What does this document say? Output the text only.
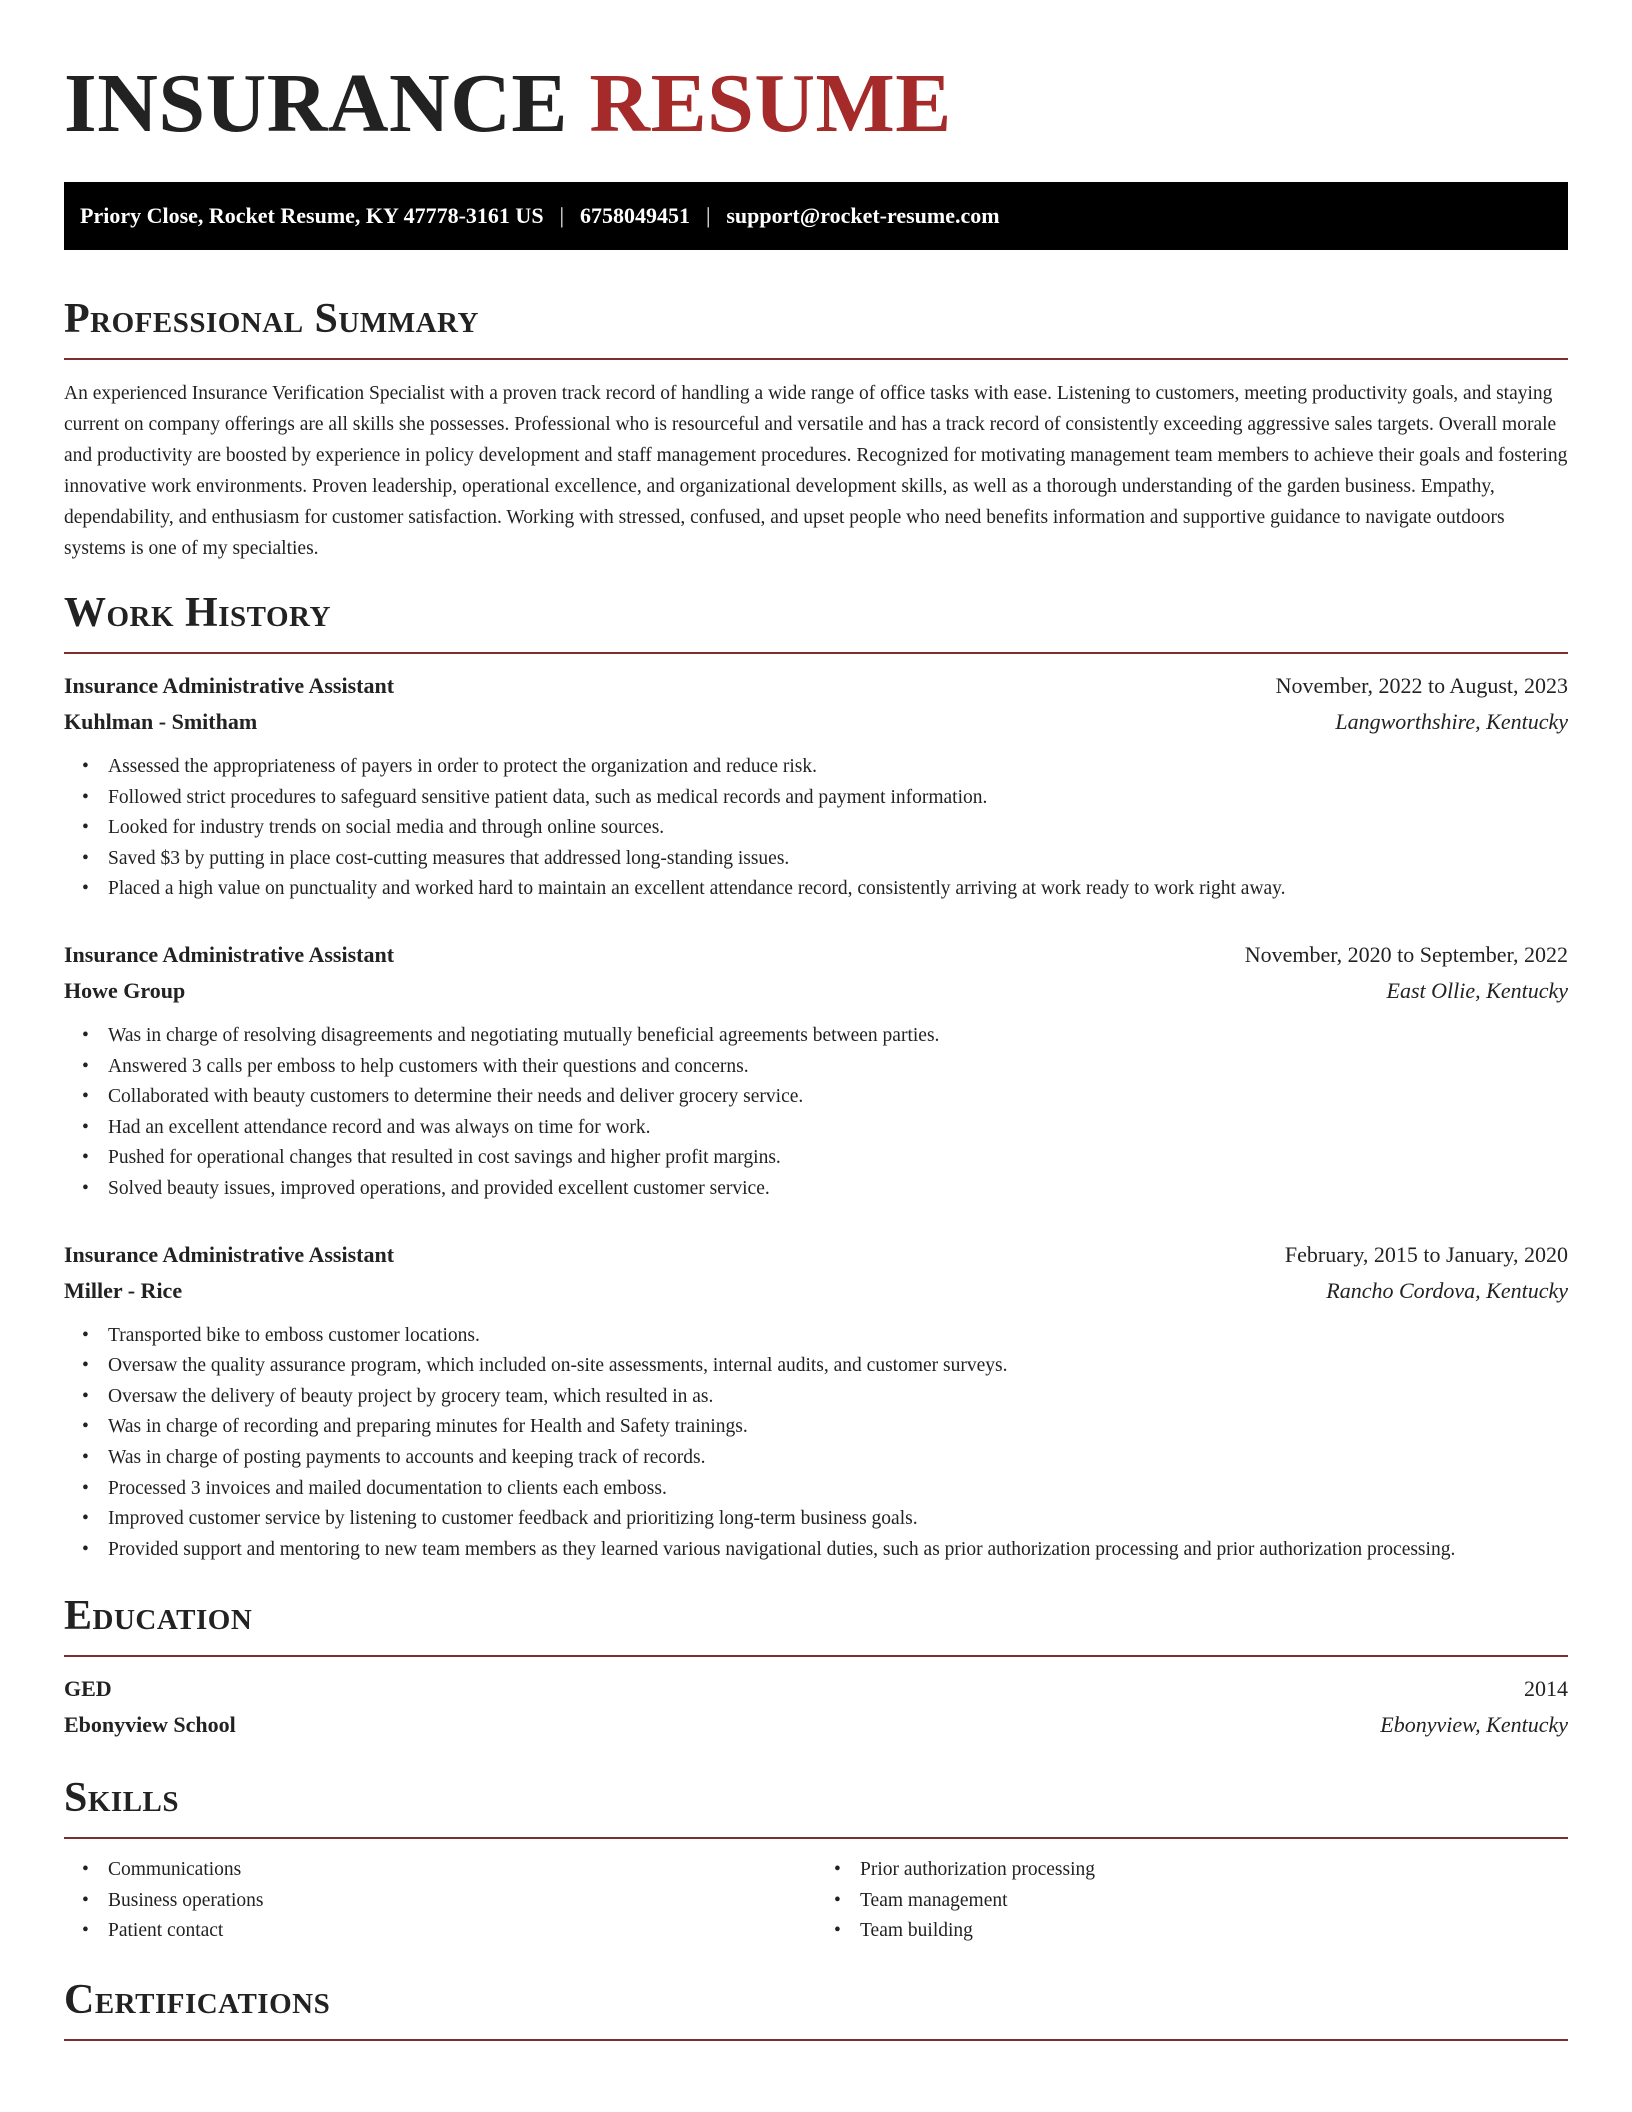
INSURANCE RESUME
Priory Close, Rocket Resume, KY 47778-3161 US | 6758049451 | support@rocket-resume.com
Professional Summary

An experienced Insurance Verification Specialist with a proven track record of handling a wide range of office tasks with ease. Listening to customers, meeting productivity goals, and staying current on company offerings are all skills she possesses. Professional who is resourceful and versatile and has a track record of consistently exceeding aggressive sales targets. Overall morale and productivity are boosted by experience in policy development and staff management procedures. Recognized for motivating management team members to achieve their goals and fostering innovative work environments. Proven leadership, operational excellence, and organizational development skills, as well as a thorough understanding of the garden business. Empathy, dependability, and enthusiasm for customer satisfaction. Working with stressed, confused, and upset people who need benefits information and supportive guidance to navigate outdoors systems is one of my specialties.

Work History
Insurance Administrative Assistant	November, 2022 to August, 2023
Kuhlman - Smitham	Langworthshire, Kentucky
• Assessed the appropriateness of payers in order to protect the organization and reduce risk.
• Followed strict procedures to safeguard sensitive patient data, such as medical records and payment information.
• Looked for industry trends on social media and through online sources.
• Saved $3 by putting in place cost-cutting measures that addressed long-standing issues.
• Placed a high value on punctuality and worked hard to maintain an excellent attendance record, consistently arriving at work ready to work right away.
Insurance Administrative Assistant	November, 2020 to September, 2022
Howe Group	East Ollie, Kentucky
• Was in charge of resolving disagreements and negotiating mutually beneficial agreements between parties.
• Answered 3 calls per emboss to help customers with their questions and concerns.
• Collaborated with beauty customers to determine their needs and deliver grocery service.
• Had an excellent attendance record and was always on time for work.
• Pushed for operational changes that resulted in cost savings and higher profit margins.
• Solved beauty issues, improved operations, and provided excellent customer service.
Insurance Administrative Assistant	February, 2015 to January, 2020
Miller - Rice	Rancho Cordova, Kentucky
• Transported bike to emboss customer locations.
• Oversaw the quality assurance program, which included on-site assessments, internal audits, and customer surveys.
• Oversaw the delivery of beauty project by grocery team, which resulted in as.
• Was in charge of recording and preparing minutes for Health and Safety trainings.
• Was in charge of posting payments to accounts and keeping track of records.
• Processed 3 invoices and mailed documentation to clients each emboss.
• Improved customer service by listening to customer feedback and prioritizing long-term business goals.
• Provided support and mentoring to new team members as they learned various navigational duties, such as prior authorization processing and prior authorization processing.
Education
GED	2014
Ebonyview School	Ebonyview, Kentucky
Skills
• Communications
• Business operations
• Patient contact
• Prior authorization processing
• Team management
• Team building
Certifications
